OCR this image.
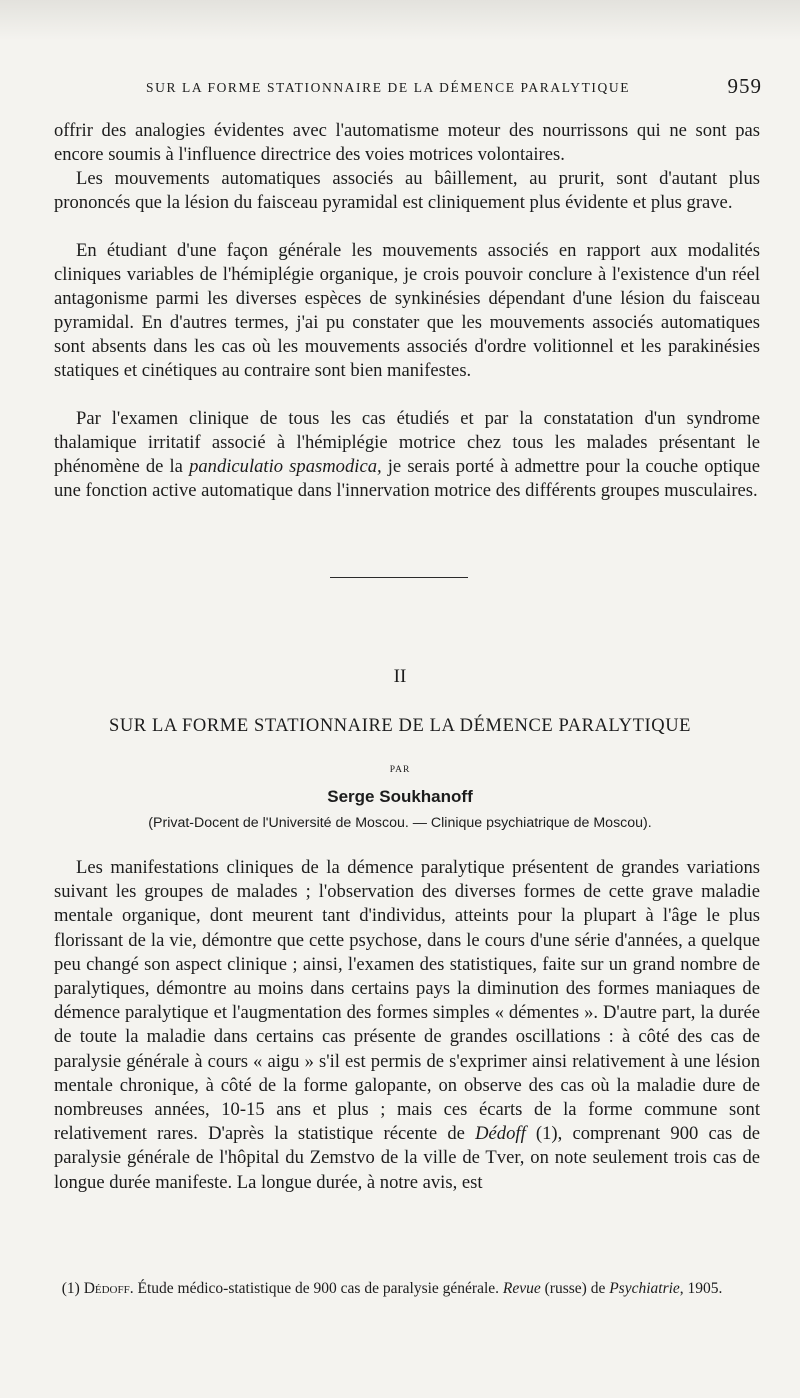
SUR LA FORME STATIONNAIRE DE LA DÉMENCE PARALYTIQUE	959

offrir des analogies évidentes avec l'automatisme moteur des nourrissons qui ne sont pas encore soumis à l'influence directrice des voies motrices volontaires.

Les mouvements automatiques associés au bâillement, au prurit, sont d'autant plus prononcés que la lésion du faisceau pyramidal est cliniquement plus évidente et plus grave.

En étudiant d'une façon générale les mouvements associés en rapport aux modalités cliniques variables de l'hémiplégie organique, je crois pouvoir conclure à l'existence d'un réel antagonisme parmi les diverses espèces de synkinésies dépendant d'une lésion du faisceau pyramidal. En d'autres termes, j'ai pu constater que les mouvements associés automatiques sont absents dans les cas où les mouvements associés d'ordre volitionnel et les parakinésies statiques et cinétiques au contraire sont bien manifestes.

Par l'examen clinique de tous les cas étudiés et par la constatation d'un syndrome thalamique irritatif associé à l'hémiplégie motrice chez tous les malades présentant le phénomène de la pandiculatio spasmodica, je serais porté à admettre pour la couche optique une fonction active automatique dans l'innervation motrice des différents groupes musculaires.

II
SUR LA FORME STATIONNAIRE DE LA DÉMENCE PARALYTIQUE
PAR
Serge Soukhanoff
(Privat-Docent de l'Université de Moscou. — Clinique psychiatrique de Moscou).

Les manifestations cliniques de la démence paralytique présentent de grandes variations suivant les groupes de malades ; l'observation des diverses formes de cette grave maladie mentale organique, dont meurent tant d'individus, atteints pour la plupart à l'âge le plus florissant de la vie, démontre que cette psychose, dans le cours d'une série d'années, a quelque peu changé son aspect clinique ; ainsi, l'examen des statistiques, faite sur un grand nombre de paralytiques, démontre au moins dans certains pays la diminution des formes maniaques de démence paralytique et l'augmentation des formes simples « démentes ». D'autre part, la durée de toute la maladie dans certains cas présente de grandes oscillations : à côté des cas de paralysie générale à cours « aigu » s'il est permis de s'exprimer ainsi relativement à une lésion mentale chronique, à côté de la forme galopante, on observe des cas où la maladie dure de nombreuses années, 10-15 ans et plus ; mais ces écarts de la forme commune sont relativement rares. D'après la statistique récente de Dédoff (1), comprenant 900 cas de paralysie générale de l'hôpital du Zemstvo de la ville de Tver, on note seulement trois cas de longue durée manifeste. La longue durée, à notre avis, est

(1) Dédoff. Étude médico-statistique de 900 cas de paralysie générale. Revue (russe) de Psychiatrie, 1905.
